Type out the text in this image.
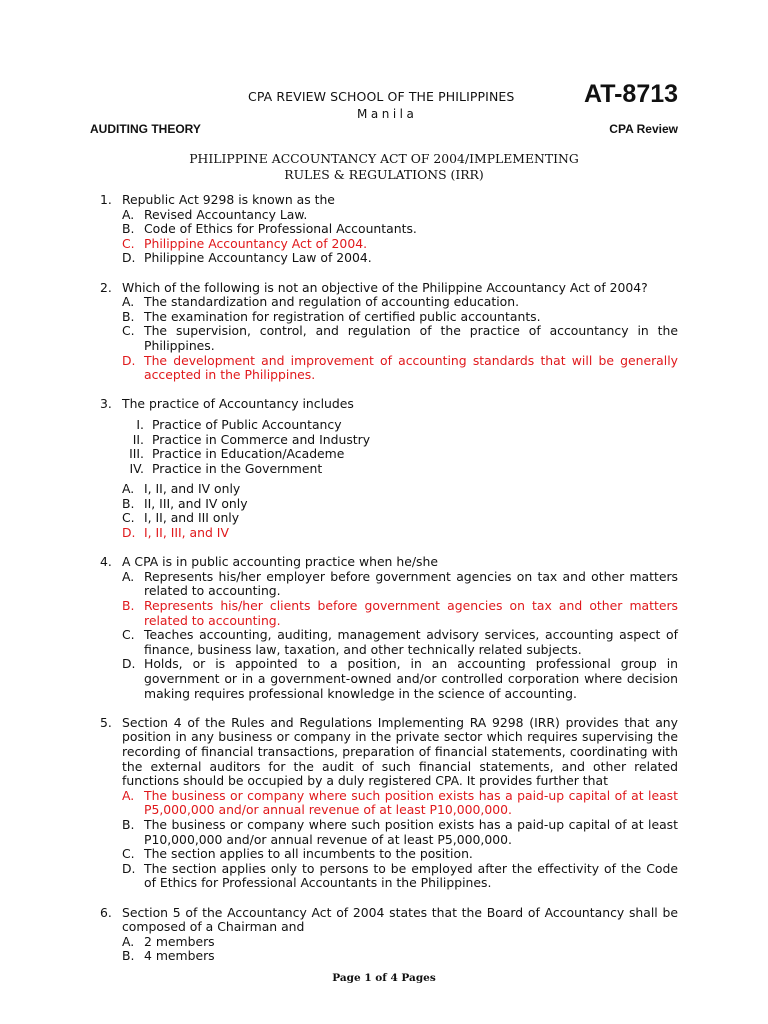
CPA REVIEW SCHOOL OF THE PHILIPPINES
Manila
AT-8713
AUDITING THEORY	CPA Review
PHILIPPINE ACCOUNTANCY ACT OF 2004/IMPLEMENTING
RULES & REGULATIONS (IRR)
1. Republic Act 9298 is known as the
A. Revised Accountancy Law.
B. Code of Ethics for Professional Accountants.
C. Philippine Accountancy Act of 2004.
D. Philippine Accountancy Law of 2004.
2. Which of the following is not an objective of the Philippine Accountancy Act of 2004?
A. The standardization and regulation of accounting education.
B. The examination for registration of certified public accountants.
C. The supervision, control, and regulation of the practice of accountancy in the Philippines.
D. The development and improvement of accounting standards that will be generally accepted in the Philippines.
3. The practice of Accountancy includes
I. Practice of Public Accountancy
II. Practice in Commerce and Industry
III. Practice in Education/Academe
IV. Practice in the Government
A. I, II, and IV only
B. II, III, and IV only
C. I, II, and III only
D. I, II, III, and IV
4. A CPA is in public accounting practice when he/she
A. Represents his/her employer before government agencies on tax and other matters related to accounting.
B. Represents his/her clients before government agencies on tax and other matters related to accounting.
C. Teaches accounting, auditing, management advisory services, accounting aspect of finance, business law, taxation, and other technically related subjects.
D. Holds, or is appointed to a position, in an accounting professional group in government or in a government-owned and/or controlled corporation where decision making requires professional knowledge in the science of accounting.
5. Section 4 of the Rules and Regulations Implementing RA 9298 (IRR) provides that any position in any business or company in the private sector which requires supervising the recording of financial transactions, preparation of financial statements, coordinating with the external auditors for the audit of such financial statements, and other related functions should be occupied by a duly registered CPA. It provides further that
A. The business or company where such position exists has a paid-up capital of at least P5,000,000 and/or annual revenue of at least P10,000,000.
B. The business or company where such position exists has a paid-up capital of at least P10,000,000 and/or annual revenue of at least P5,000,000.
C. The section applies to all incumbents to the position.
D. The section applies only to persons to be employed after the effectivity of the Code of Ethics for Professional Accountants in the Philippines.
6. Section 5 of the Accountancy Act of 2004 states that the Board of Accountancy shall be composed of a Chairman and
A. 2 members
B. 4 members
Page 1 of 4 Pages
